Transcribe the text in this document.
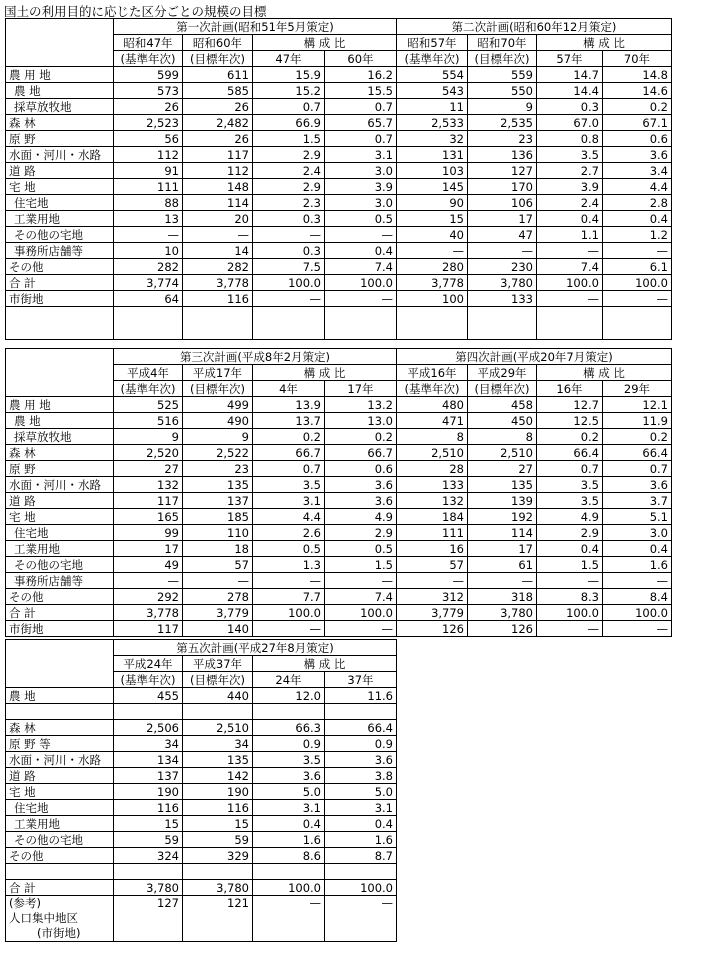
国土の利用目的に応じた区分ごとの規模の目標
	第一次計画(昭和51年5月策定)				第二次計画(昭和60年12月策定)			
	昭和47年	昭和60年	構 成 比		昭和57年	昭和70年	構 成 比	
	(基準年次)	(目標年次)	47年	60年	(基準年次)	(目標年次)	57年	70年
農 用 地	599	611	15.9	16.2	554	559	14.7	14.8
農 地	573	585	15.2	15.5	543	550	14.4	14.6
採草放牧地	26	26	0.7	0.7	11	9	0.3	0.2
森 林	2,523	2,482	66.9	65.7	2,533	2,535	67.0	67.1
原 野	56	26	1.5	0.7	32	23	0.8	0.6
水面・河川・水路	112	117	2.9	3.1	131	136	3.5	3.6
道 路	91	112	2.4	3.0	103	127	2.7	3.4
宅 地	111	148	2.9	3.9	145	170	3.9	4.4
住宅地	88	114	2.3	3.0	90	106	2.4	2.8
工業用地	13	20	0.3	0.5	15	17	0.4	0.4
その他の宅地	—	—	—	—	40	47	1.1	1.2
事務所店舗等	10	14	0.3	0.4	—	—	—	—
その他	282	282	7.5	7.4	280	230	7.4	6.1
合 計	3,774	3,778	100.0	100.0	3,778	3,780	100.0	100.0
市街地	64	116	—	—	100	133	—	—

	第三次計画(平成8年2月策定)				第四次計画(平成20年7月策定)			
	平成4年	平成17年	構 成 比		平成16年	平成29年	構 成 比	
	(基準年次)	(目標年次)	4年	17年	(基準年次)	(目標年次)	16年	29年
農 用 地	525	499	13.9	13.2	480	458	12.7	12.1
農 地	516	490	13.7	13.0	471	450	12.5	11.9
採草放牧地	9	9	0.2	0.2	8	8	0.2	0.2
森 林	2,520	2,522	66.7	66.7	2,510	2,510	66.4	66.4
原 野	27	23	0.7	0.6	28	27	0.7	0.7
水面・河川・水路	132	135	3.5	3.6	133	135	3.5	3.6
道 路	117	137	3.1	3.6	132	139	3.5	3.7
宅 地	165	185	4.4	4.9	184	192	4.9	5.1
住宅地	99	110	2.6	2.9	111	114	2.9	3.0
工業用地	17	18	0.5	0.5	16	17	0.4	0.4
その他の宅地	49	57	1.3	1.5	57	61	1.5	1.6
事務所店舗等	—	—	—	—	—	—	—	—
その他	292	278	7.7	7.4	312	318	8.3	8.4
合 計	3,778	3,779	100.0	100.0	3,779	3,780	100.0	100.0
市街地	117	140	—	—	126	126	—	—
	第五次計画(平成27年8月策定)			
	平成24年	平成37年	構 成 比	
	(基準年次)	(目標年次)	24年	37年
農 地	455	440	12.0	11.6

森 林	2,506	2,510	66.3	66.4
原 野 等	34	34	0.9	0.9
水面・河川・水路	134	135	3.5	3.6
道 路	137	142	3.6	3.8
宅 地	190	190	5.0	5.0
住宅地	116	116	3.1	3.1
工業用地	15	15	0.4	0.4
その他の宅地	59	59	1.6	1.6
その他	324	329	8.6	8.7

合 計	3,780	3,780	100.0	100.0
(参考)
人口集中地区
(市街地)	127	121	—	—
